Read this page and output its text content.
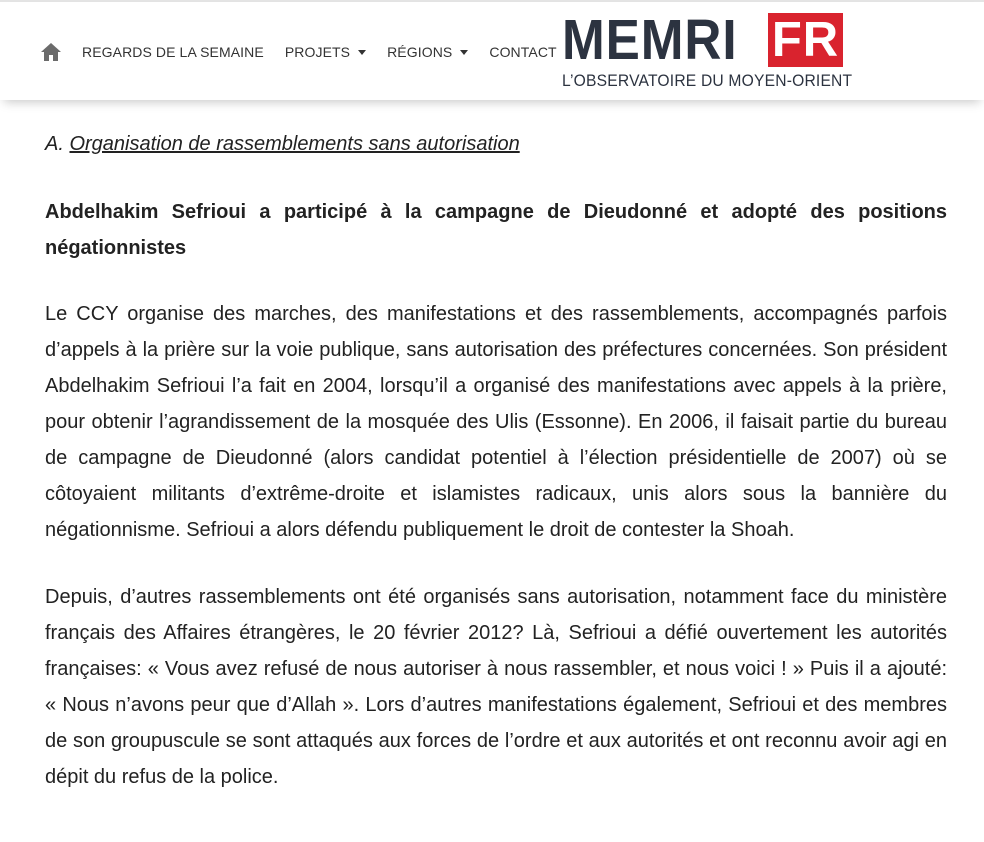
REGARDS DE LA SEMAINE PROJETS	RÉGIONS	CONTACT MEMRI FR
L’OBSERVATOIRE DU MOYEN-ORIENT

A. Organisation de rassemblements sans autorisation

Abdelhakim Sefrioui a participé à la campagne de Dieudonné et adopté des positions négationnistes

Le CCY organise des marches, des manifestations et des rassemblements, accompagnés parfois d’appels à la prière sur la voie publique, sans autorisation des préfectures concernées. Son président Abdelhakim Sefrioui l’a fait en 2004, lorsqu’il a organisé des manifestations avec appels à la prière, pour obtenir l’agrandissement de la mosquée des Ulis (Essonne). En 2006, il faisait partie du bureau de campagne de Dieudonné (alors candidat potentiel à l’élection présidentielle de 2007) où se côtoyaient militants d’extrême-droite et islamistes radicaux, unis alors sous la bannière du négationnisme. Sefrioui a alors défendu publiquement le droit de contester la Shoah.

Depuis, d’autres rassemblements ont été organisés sans autorisation, notamment face du ministère français des Affaires étrangères, le 20 février 2012? Là, Sefrioui a défié ouvertement les autorités françaises: « Vous avez refusé de nous autoriser à nous rassembler, et nous voici ! » Puis il a ajouté: « Nous n’avons peur que d’Allah ». Lors d’autres manifestations également, Sefrioui et des membres de son groupuscule se sont attaqués aux forces de l’ordre et aux autorités et ont reconnu avoir agi en dépit du refus de la police.
